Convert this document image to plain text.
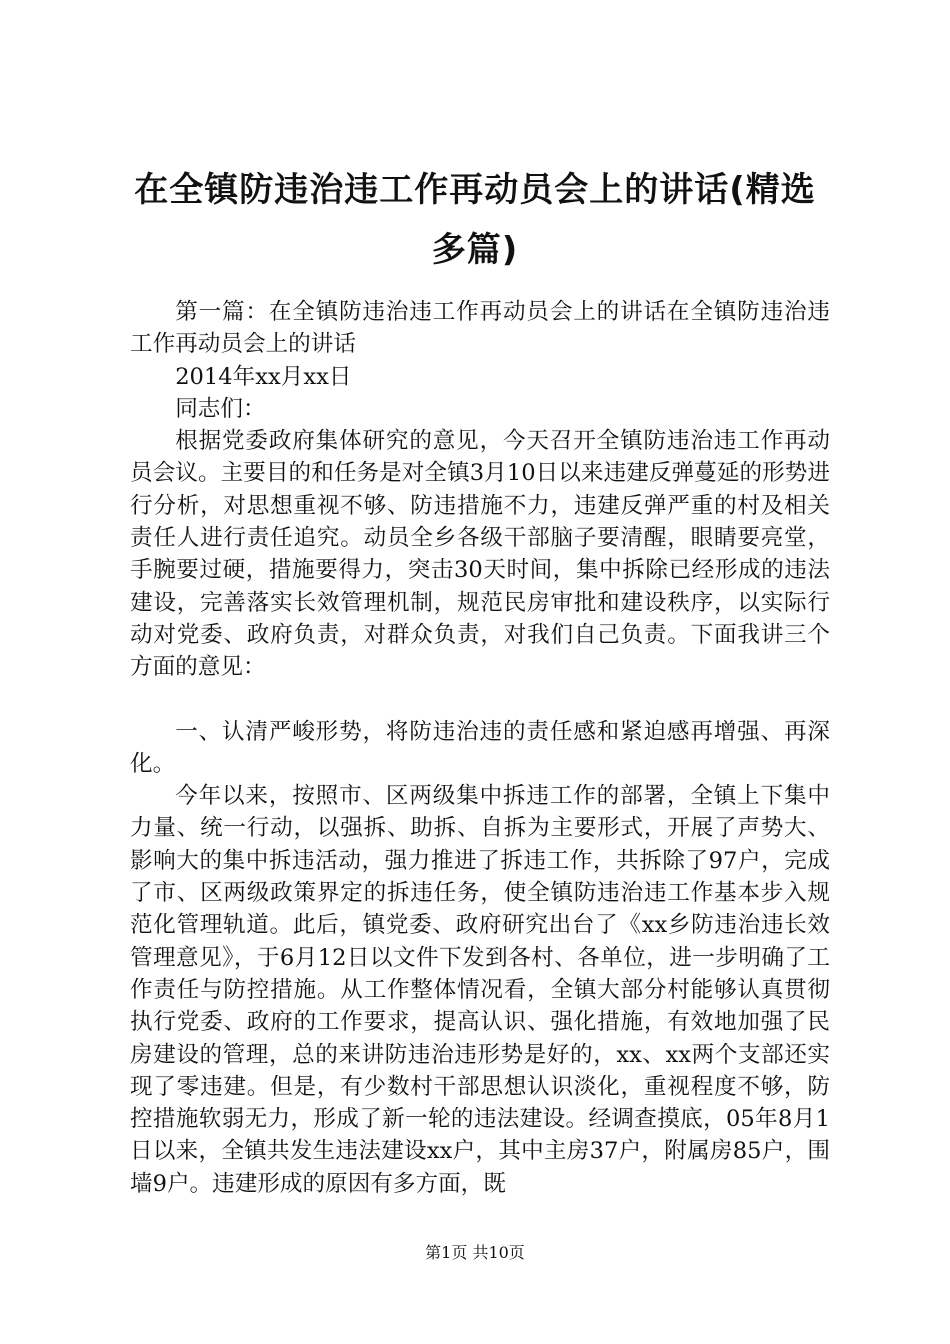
在全镇防违治违工作再动员会上的讲话(精选多篇)

第一篇：在全镇防违治违工作再动员会上的讲话在全镇防违治违工作再动员会上的讲话

2014年xx月xx日

同志们：

根据党委政府集体研究的意见，今天召开全镇防违治违工作再动员会议。主要目的和任务是对全镇3月10日以来违建反弹蔓延的形势进行分析，对思想重视不够、防违措施不力，违建反弹严重的村及相关责任人进行责任追究。动员全乡各级干部脑子要清醒，眼睛要亮堂，手腕要过硬，措施要得力，突击30天时间，集中拆除已经形成的违法建设，完善落实长效管理机制，规范民房审批和建设秩序，以实际行动对党委、政府负责，对群众负责，对我们自己负责。下面我讲三个方面的意见：

一、认清严峻形势，将防违治违的责任感和紧迫感再增强、再深化。

今年以来，按照市、区两级集中拆违工作的部署，全镇上下集中力量、统一行动，以强拆、助拆、自拆为主要形式，开展了声势大、影响大的集中拆违活动，强力推进了拆违工作，共拆除了97户，完成了市、区两级政策界定的拆违任务，使全镇防违治违工作基本步入规范化管理轨道。此后，镇党委、政府研究出台了《xx乡防违治违长效管理意见》，于6月12日以文件下发到各村、各单位，进一步明确了工作责任与防控措施。从工作整体情况看，全镇大部分村能够认真贯彻执行党委、政府的工作要求，提高认识、强化措施，有效地加强了民房建设的管理，总的来讲防违治违形势是好的，xx、xx两个支部还实现了零违建。但是，有少数村干部思想认识淡化，重视程度不够，防控措施软弱无力，形成了新一轮的违法建设。经调查摸底，05年8月1日以来，全镇共发生违法建设xx户，其中主房37户，附属房85户，围墙9户。违建形成的原因有多方面，既

第1页 共10页
